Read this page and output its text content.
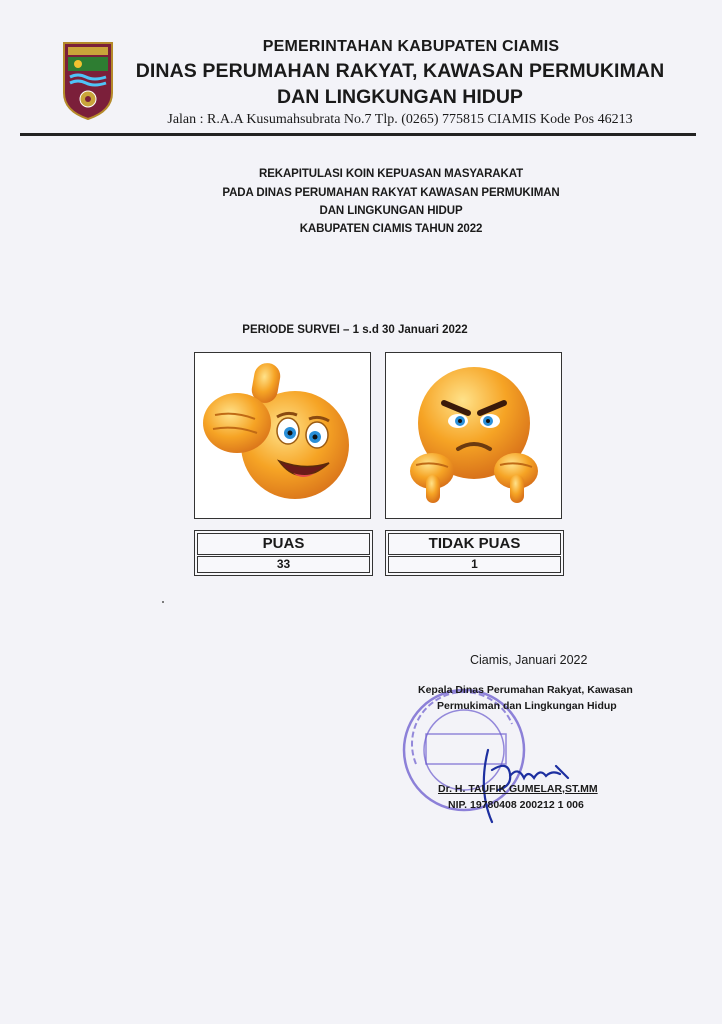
PEMERINTAHAN KABUPATEN CIAMIS
DINAS PERUMAHAN RAKYAT, KAWASAN PERMUKIMAN
DAN LINGKUNGAN HIDUP
Jalan : R.A.A Kusumahsubrata No.7 Tlp. (0265) 775815 CIAMIS Kode Pos 46213
REKAPITULASI KOIN KEPUASAN MASYARAKAT
PADA DINAS PERUMAHAN RAKYAT KAWASAN PERMUKIMAN
DAN LINGKUNGAN HIDUP
KABUPATEN CIAMIS TAHUN 2022
PERIODE SURVEI – 1 s.d 30 Januari 2022
PUAS
33
TIDAK PUAS
1
Ciamis, Januari 2022
Kepala Dinas Perumahan Rakyat, Kawasan
Permukiman dan Lingkungan Hidup
Dr. H. TAUFIK GUMELAR,ST.MM
NIP. 19780408 200212 1 006
